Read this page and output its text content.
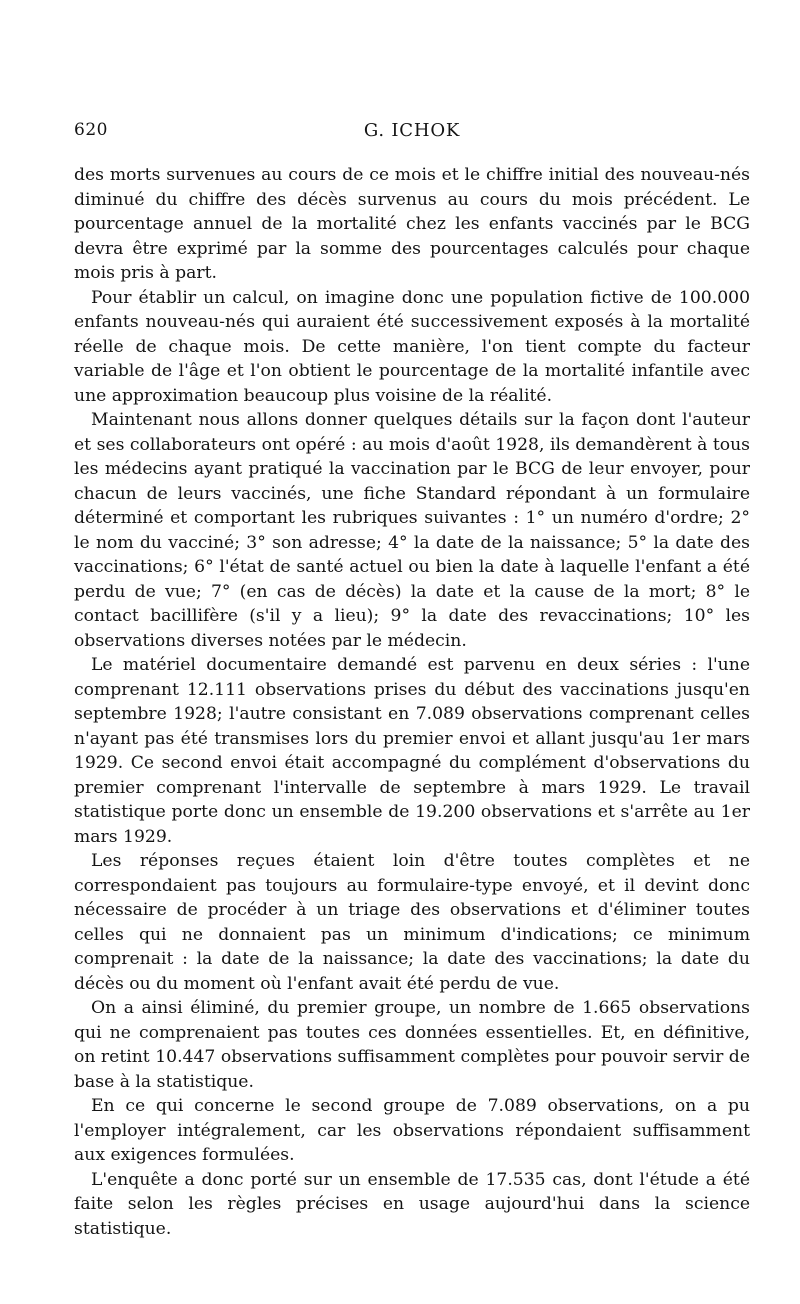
620	G. ICHOK

des morts survenues au cours de ce mois et le chiffre initial des nouveau-nés diminué du chiffre des décès survenus au cours du mois précédent. Le pourcentage annuel de la mortalité chez les enfants vaccinés par le BCG devra être exprimé par la somme des pourcentages calculés pour chaque mois pris à part.

Pour établir un calcul, on imagine donc une population fictive de 100.000 enfants nouveau-nés qui auraient été successivement exposés à la mortalité réelle de chaque mois. De cette manière, l'on tient compte du facteur variable de l'âge et l'on obtient le pourcentage de la mortalité infantile avec une approximation beaucoup plus voisine de la réalité.

Maintenant nous allons donner quelques détails sur la façon dont l'auteur et ses collaborateurs ont opéré : au mois d'août 1928, ils demandèrent à tous les médecins ayant pratiqué la vaccination par le BCG de leur envoyer, pour chacun de leurs vaccinés, une fiche Standard répondant à un formulaire déterminé et comportant les rubriques suivantes : 1° un numéro d'ordre; 2° le nom du vacciné; 3° son adresse; 4° la date de la naissance; 5° la date des vaccinations; 6° l'état de santé actuel ou bien la date à laquelle l'enfant a été perdu de vue; 7° (en cas de décès) la date et la cause de la mort; 8° le contact bacillifère (s'il y a lieu); 9° la date des revaccinations; 10° les observations diverses notées par le médecin.

Le matériel documentaire demandé est parvenu en deux séries : l'une comprenant 12.111 observations prises du début des vaccinations jusqu'en septembre 1928; l'autre consistant en 7.089 observations comprenant celles n'ayant pas été transmises lors du premier envoi et allant jusqu'au 1er mars 1929. Ce second envoi était accompagné du complément d'observations du premier comprenant l'intervalle de septembre à mars 1929. Le travail statistique porte donc un ensemble de 19.200 observations et s'arrête au 1er mars 1929.

Les réponses reçues étaient loin d'être toutes complètes et ne correspondaient pas toujours au formulaire-type envoyé, et il devint donc nécessaire de procéder à un triage des observations et d'éliminer toutes celles qui ne donnaient pas un minimum d'indications; ce minimum comprenait : la date de la naissance; la date des vaccinations; la date du décès ou du moment où l'enfant avait été perdu de vue.

On a ainsi éliminé, du premier groupe, un nombre de 1.665 observations qui ne comprenaient pas toutes ces données essentielles. Et, en définitive, on retint 10.447 observations suffisamment complètes pour pouvoir servir de base à la statistique.

En ce qui concerne le second groupe de 7.089 observations, on a pu l'employer intégralement, car les observations répondaient suffisamment aux exigences formulées.

L'enquête a donc porté sur un ensemble de 17.535 cas, dont l'étude a été faite selon les règles précises en usage aujourd'hui dans la science statistique.
